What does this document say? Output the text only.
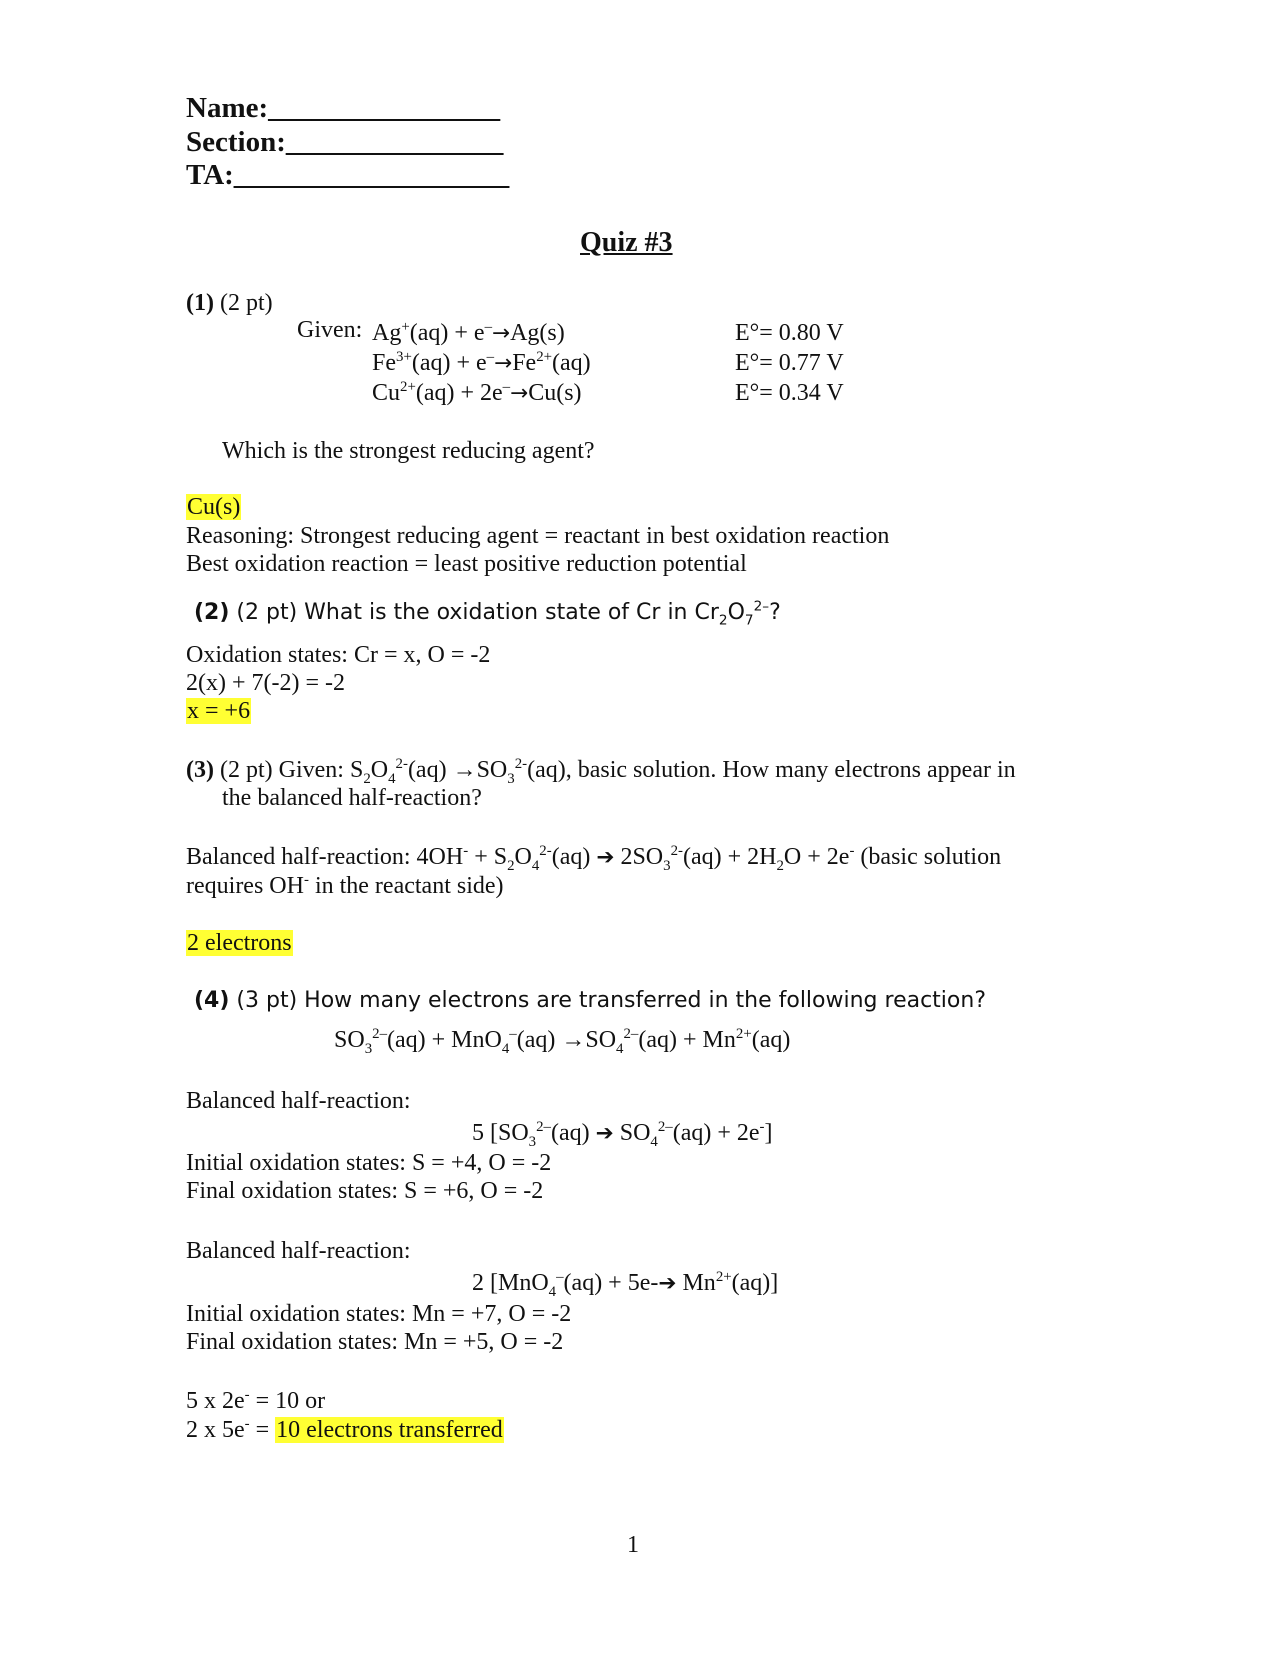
Name:________________
Section:_______________
TA:___________________
Quiz #3
(1) (2 pt)
Given: Ag+(aq) + e–→Ag(s)	E°= 0.80 V
$Fe^{3+}(aq) + e^-\to Fe^{2+}(aq)$	E°= 0.77 V
$Cu^{2+}(aq) + 2e^-\to Cu(s)$	E°= 0.34 V
Which is the strongest reducing agent?
Cu(s)
Reasoning: Strongest reducing agent = reactant in best oxidation reaction
Best oxidation reaction = least positive reduction potential
(2) (2 pt) What is the oxidation state of Cr in $Cr_2O_7^{2-}$?
Oxidation states: Cr = x, O = -2
2(x) + 7(-2) = -2
x = +6
(3) (2 pt) Given: $S_2O_4^{2-}(aq) \to SO_3^{2-}(aq)$, basic solution. How many electrons appear in
the balanced half-reaction?
Balanced half-reaction: $4OH^- + S_2O_4^{2-}(aq)$ ➔ $2SO_3^{2-}(aq) + 2H_2O + 2e^-$ (basic solution
requires OH- in the reactant side)
2 electrons
(4) (3 pt) How many electrons are transferred in the following reaction?
$SO_3^{2-}(aq) + MnO_4^-(aq) \to SO_4^{2-}(aq) + Mn^{2+}(aq)$
Balanced half-reaction:
5 [$SO_3^{2-}(aq)$ ➔ $SO_4^{2-}(aq) + 2e^-$]
Initial oxidation states: S = +4, O = -2
Final oxidation states: S = +6, O = -2
Balanced half-reaction:
2 [MnO$_4$–(aq) + 5e-➔ $Mn^{2+}(aq)$]
Initial oxidation states: Mn = +7, O = -2
Final oxidation states: Mn = +5, O = -2
5 x 2e- = 10 or
2 x 5e- = 10 electrons transferred
1
